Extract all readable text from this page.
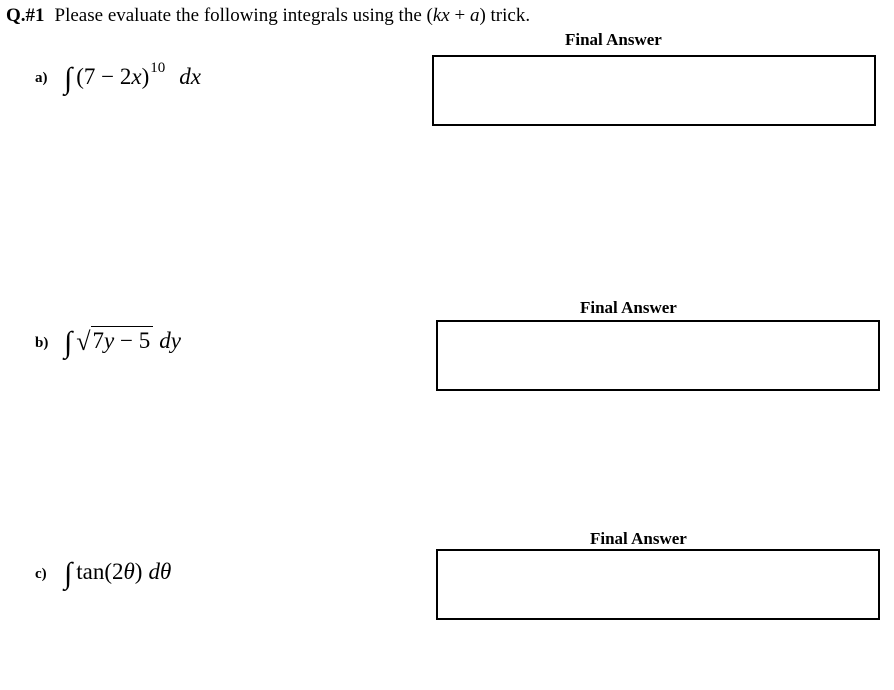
Q.#1 Please evaluate the following integrals using the (kx + a) trick.
Final Answer
a) ∫ (7 − 2 x ) 10 dx
Final Answer
b) ∫ √ 7y − 5 dy
Final Answer
c) ∫ tan(2 θ ) dθ
